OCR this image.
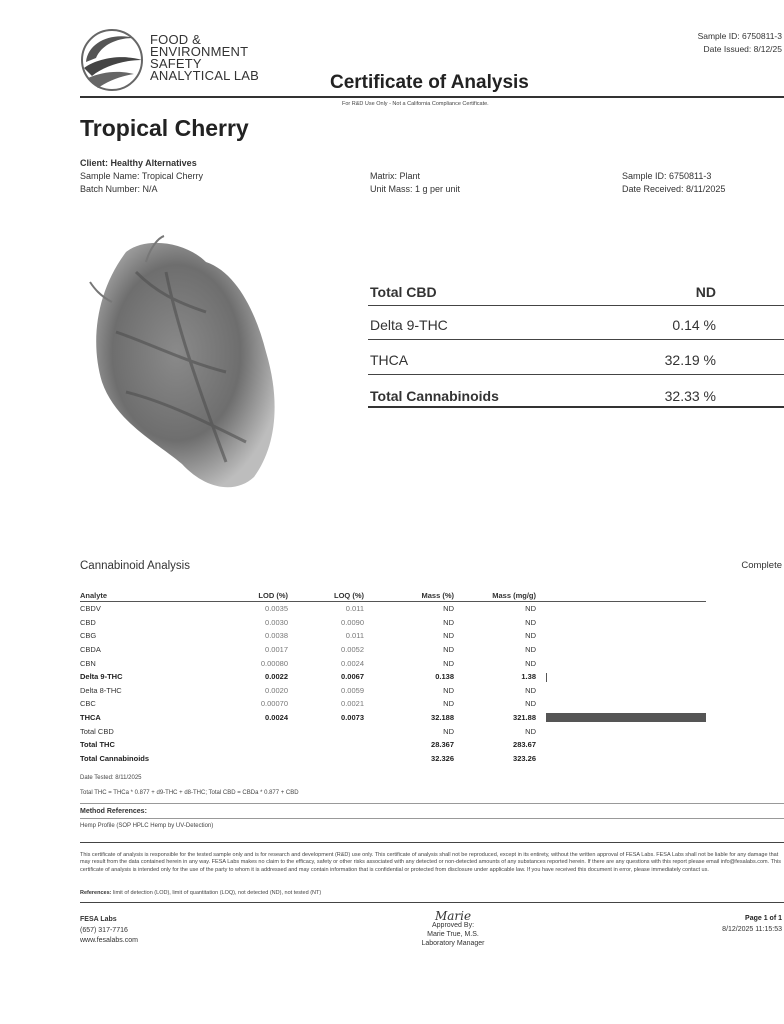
FOOD &
ENVIRONMENT
SAFETY
ANALYTICAL LAB
Sample ID: 6750811-3
Date Issued: 8/12/25
Certificate of Analysis
For R&D Use Only - Not a California Compliance Certificate.
Tropical Cherry
Client: Healthy Alternatives
Sample Name: Tropical Cherry
Batch Number: N/A
Matrix: Plant
Unit Mass: 1 g per unit
Sample ID: 6750811-3
Date Received: 8/11/2025
Total CBD	ND
Delta 9-THC	0.14 %
THCA	32.19 %
Total Cannabinoids	32.33 %
Cannabinoid Analysis	Complete
Analyte	LOD (%)	LOQ (%)	Mass (%)	Mass (mg/g)	
CBDV	0.0035	0.011	ND	ND	
CBD	0.0030	0.0090	ND	ND	
CBG	0.0038	0.011	ND	ND	
CBDA	0.0017	0.0052	ND	ND	
CBN	0.00080	0.0024	ND	ND	
Delta 9-THC	0.0022	0.0067	0.138	1.38	
Delta 8-THC	0.0020	0.0059	ND	ND	
CBC	0.00070	0.0021	ND	ND	
THCA	0.0024	0.0073	32.188	321.88	
Total CBD			ND	ND	
Total THC			28.367	283.67	
Total Cannabinoids			32.326	323.26	
Date Tested: 8/11/2025
Total THC = THCa * 0.877 + d9-THC + d8-THC; Total CBD = CBDa * 0.877 + CBD
Method References:
Hemp Profile (SOP HPLC Hemp by UV-Detection)
This certificate of analysis is responsible for the tested sample only and is for research and development (R&D) use only. This certificate of analysis shall not be reproduced, except in its entirety, without the written approval of FESA Labs. FESA Labs shall not be liable for any damage that may result from the data contained herein in any way. FESA Labs makes no claim to the efficacy, safety or other risks associated with any detected or non-detected amounts of any substances reported herein. If there are any questions with this report please email info@fesalabs.com. This certificate of analysis is intended only for the use of the party to whom it is addressed and may contain information that is confidential or protected from disclosure under applicable law. If you have received this document in error, please immediately contact us.
References: limit of detection (LOD), limit of quantitation (LOQ), not detected (ND), not tested (NT)
FESA Labs
(657) 317-7716
www.fesalabs.com
Marie
Approved By:
Marie True, M.S.
Laboratory Manager
Page 1 of 1
8/12/2025 11:15:53
